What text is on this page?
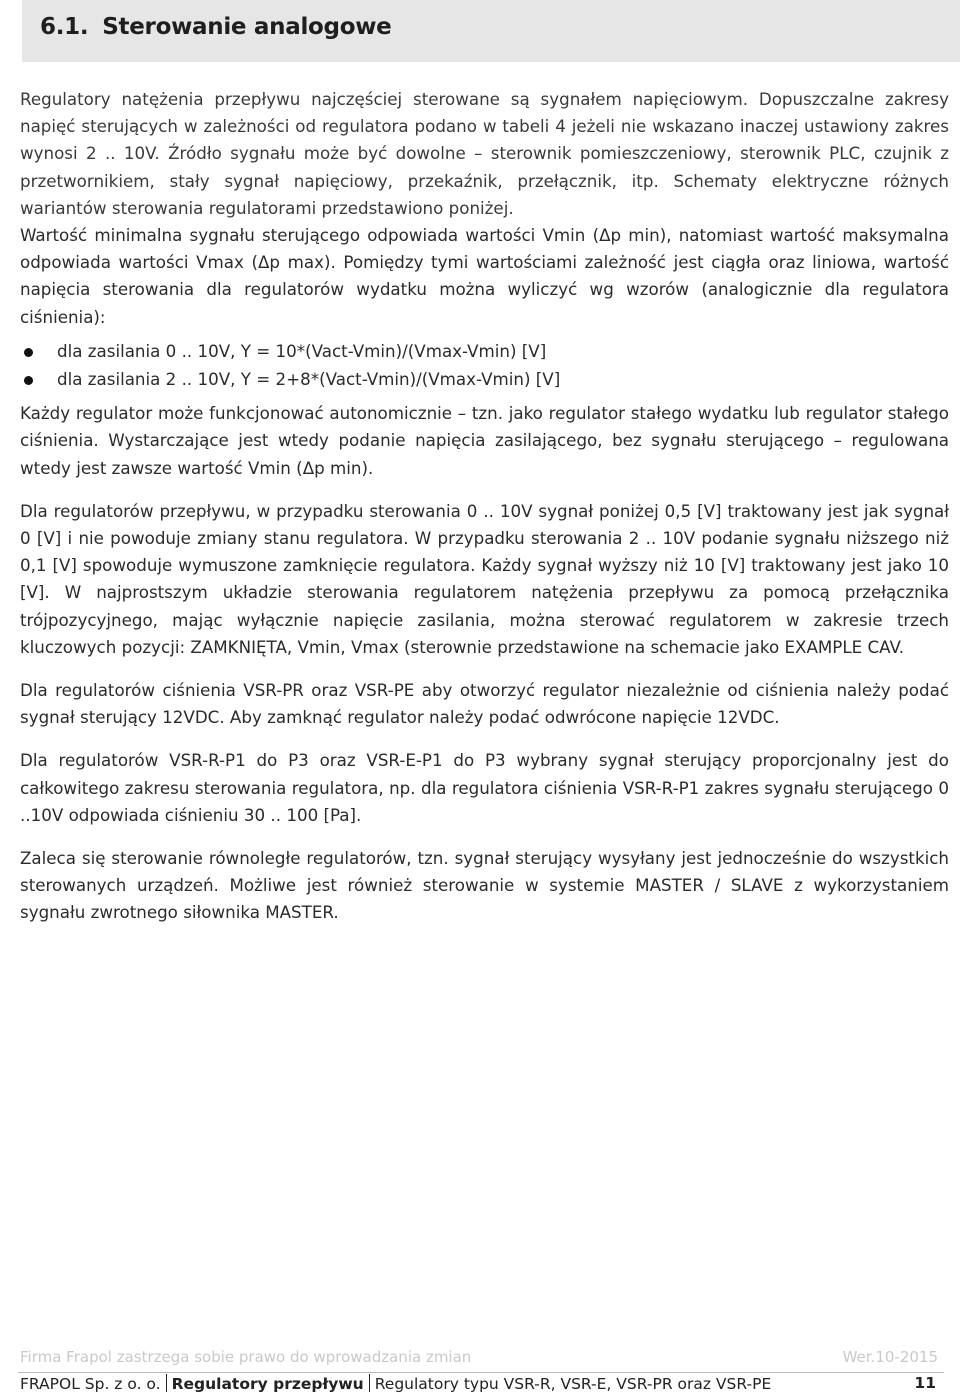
6.1. Sterowanie analogowe

Regulatory natężenia przepływu najczęściej sterowane są sygnałem napięciowym. Dopuszczalne zakresy napięć sterujących w zależności od regulatora podano w tabeli 4 jeżeli nie wskazano inaczej ustawiony zakres wynosi 2 .. 10V. Źródło sygnału może być dowolne – sterownik pomieszczeniowy, sterownik PLC, czujnik z przetwornikiem, stały sygnał napięciowy, przekaźnik, przełącznik, itp. Schematy elektryczne różnych wariantów sterowania regulatorami przedstawiono poniżej.

Wartość minimalna sygnału sterującego odpowiada wartości Vmin (Δp min), natomiast wartość maksymalna odpowiada wartości Vmax (Δp max). Pomiędzy tymi wartościami zależność jest ciągła oraz liniowa, wartość napięcia sterowania dla regulatorów wydatku można wyliczyć wg wzorów (analogicznie dla regulatora ciśnienia):

dla zasilania 0 .. 10V, Y = 10*(Vact-Vmin)/(Vmax-Vmin) [V]
dla zasilania 2 .. 10V, Y = 2+8*(Vact-Vmin)/(Vmax-Vmin) [V]

Każdy regulator może funkcjonować autonomicznie – tzn. jako regulator stałego wydatku lub regulator stałego ciśnienia. Wystarczające jest wtedy podanie napięcia zasilającego, bez sygnału sterującego – regulowana wtedy jest zawsze wartość Vmin (Δp min).

Dla regulatorów przepływu, w przypadku sterowania 0 .. 10V sygnał poniżej 0,5 [V] traktowany jest jak sygnał 0 [V] i nie powoduje zmiany stanu regulatora. W przypadku sterowania 2 .. 10V podanie sygnału niższego niż 0,1 [V] spowoduje wymuszone zamknięcie regulatora. Każdy sygnał wyższy niż 10 [V] traktowany jest jako 10 [V]. W najprostszym układzie sterowania regulatorem natężenia przepływu za pomocą przełącznika trójpozycyjnego, mając wyłącznie napięcie zasilania, można sterować regulatorem w zakresie trzech kluczowych pozycji: ZAMKNIĘTA, Vmin, Vmax (sterownie przedstawione na schemacie jako EXAMPLE CAV.

Dla regulatorów ciśnienia VSR-PR oraz VSR-PE aby otworzyć regulator niezależnie od ciśnienia należy podać sygnał sterujący 12VDC. Aby zamknąć regulator należy podać odwrócone napięcie 12VDC.

Dla regulatorów VSR-R-P1 do P3 oraz VSR-E-P1 do P3 wybrany sygnał sterujący proporcjonalny jest do całkowitego zakresu sterowania regulatora, np. dla regulatora ciśnienia VSR-R-P1 zakres sygnału sterującego 0 ..10V odpowiada ciśnieniu 30 .. 100 [Pa].

Zaleca się sterowanie równoległe regulatorów, tzn. sygnał sterujący wysyłany jest jednocześnie do wszystkich sterowanych urządzeń. Możliwe jest również sterowanie w systemie MASTER / SLAVE z wykorzystaniem sygnału zwrotnego siłownika MASTER.

Firma Frapol zastrzega sobie prawo do wprowadzania zmian	Wer.10-2015
FRAPOL Sp. z o. o. Regulatory przepływu Regulatory typu VSR-R, VSR-E, VSR-PR oraz VSR-PE	11
